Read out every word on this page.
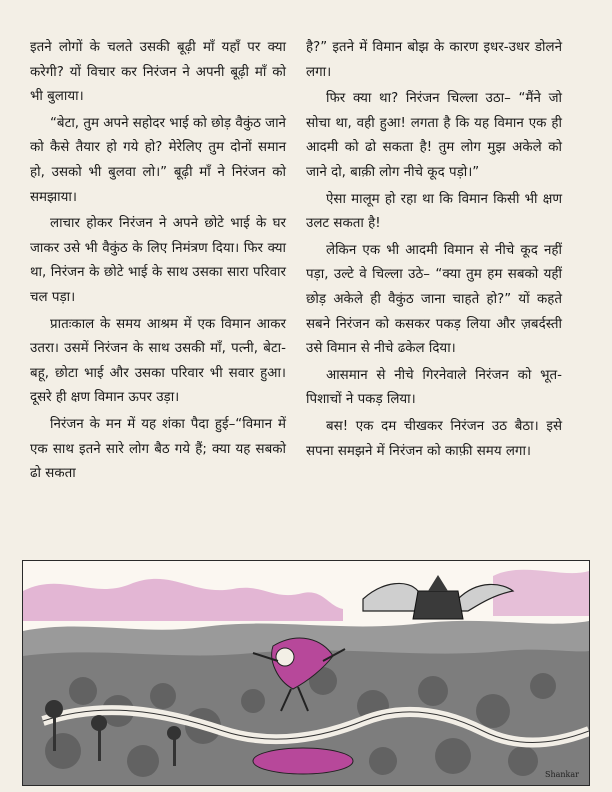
इतने लोगों के चलते उसकी बूढ़ी माँ यहाँ पर क्या करेगी? यों विचार कर निरंजन ने अपनी बूढ़ी माँ को भी बुलाया।

“बेटा, तुम अपने सहोदर भाई को छोड़ वैकुंठ जाने को कैसे तैयार हो गये हो? मेरेलिए तुम दोनों समान हो, उसको भी बुलवा लो।” बूढ़ी माँ ने निरंजन को समझाया।

लाचार होकर निरंजन ने अपने छोटे भाई के घर जाकर उसे भी वैकुंठ के लिए निमंत्रण दिया। फिर क्या था, निरंजन के छोटे भाई के साथ उसका सारा परिवार चल पड़ा।

प्रातःकाल के समय आश्रम में एक विमान आकर उतरा। उसमें निरंजन के साथ उसकी माँ, पत्नी, बेटा-बहू, छोटा भाई और उसका परिवार भी सवार हुआ। दूसरे ही क्षण विमान ऊपर उड़ा।

निरंजन के मन में यह शंका पैदा हुई–“विमान में एक साथ इतने सारे लोग बैठ गये हैं; क्या यह सबको ढो सकता

है?” इतने में विमान बोझ के कारण इधर-उधर डोलने लगा।

फिर क्या था? निरंजन चिल्ला उठा– “मैंने जो सोचा था, वही हुआ! लगता है कि यह विमान एक ही आदमी को ढो सकता है! तुम लोग मुझ अकेले को जाने दो, बाक़ी लोग नीचे कूद पड़ो।”

ऐसा मालूम हो रहा था कि विमान किसी भी क्षण उलट सकता है!

लेकिन एक भी आदमी विमान से नीचे कूद नहीं पड़ा, उल्टे वे चिल्ला उठे– “क्या तुम हम सबको यहीं छोड़ अकेले ही वैकुंठ जाना चाहते हो?” यों कहते सबने निरंजन को कसकर पकड़ लिया और ज़बर्दस्ती उसे विमान से नीचे ढकेल दिया।

आसमान से नीचे गिरनेवाले निरंजन को भूत-पिशाचों ने पकड़ लिया।

बस! एक दम चीखकर निरंजन उठ बैठा। इसे सपना समझने में निरंजन को काफ़ी समय लगा।

Shankar
